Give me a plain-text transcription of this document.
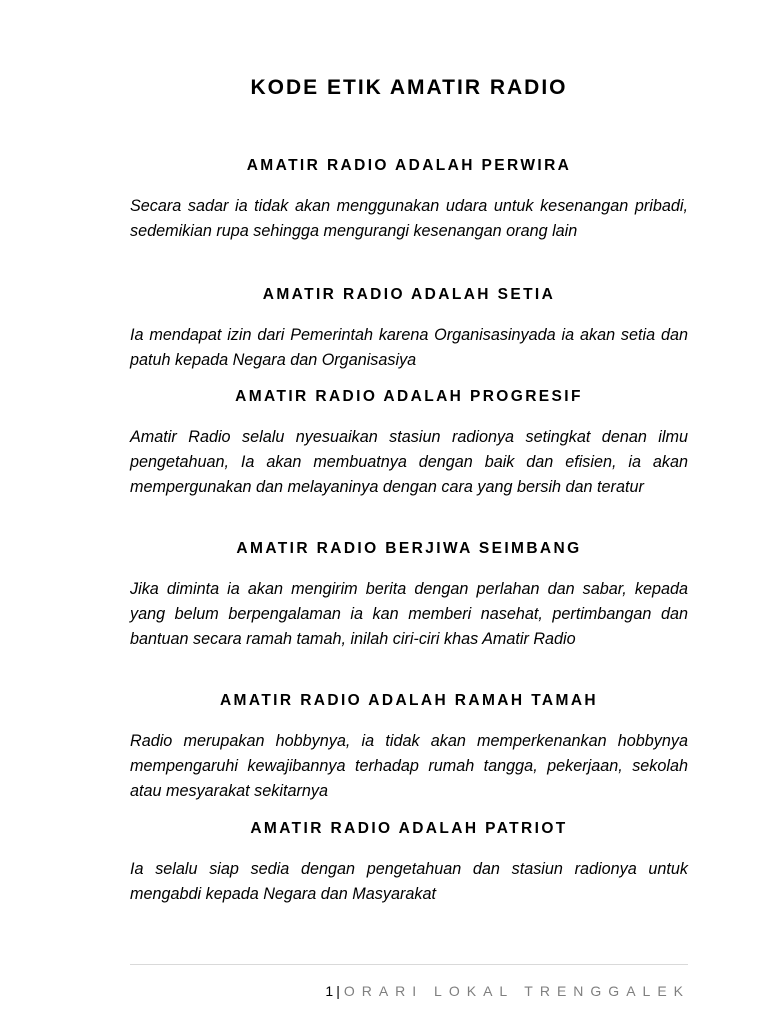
KODE ETIK AMATIR RADIO
AMATIR RADIO ADALAH PERWIRA

Secara sadar ia tidak akan menggunakan udara untuk kesenangan pribadi, sedemikian rupa sehingga mengurangi kesenangan orang lain

AMATIR RADIO ADALAH SETIA

Ia mendapat izin dari Pemerintah karena Organisasinyada ia akan setia dan patuh kepada Negara dan Organisasiya

AMATIR RADIO ADALAH PROGRESIF

Amatir Radio selalu nyesuaikan stasiun radionya setingkat denan ilmu pengetahuan, Ia akan membuatnya dengan baik dan efisien, ia akan mempergunakan dan melayaninya dengan cara yang bersih dan teratur

AMATIR RADIO BERJIWA SEIMBANG

Jika diminta ia akan mengirim berita dengan perlahan dan sabar, kepada yang belum berpengalaman ia kan memberi nasehat, pertimbangan dan bantuan secara ramah tamah, inilah ciri-ciri khas Amatir Radio

AMATIR RADIO ADALAH RAMAH TAMAH

Radio merupakan hobbynya, ia tidak akan memperkenankan hobbynya mempengaruhi kewajibannya terhadap rumah tangga, pekerjaan, sekolah atau mesyarakat sekitarnya

AMATIR RADIO ADALAH PATRIOT

Ia selalu siap sedia dengan pengetahuan dan stasiun radionya untuk mengabdi kepada Negara dan Masyarakat

1 | ORARI LOKAL TRENGGALEK
